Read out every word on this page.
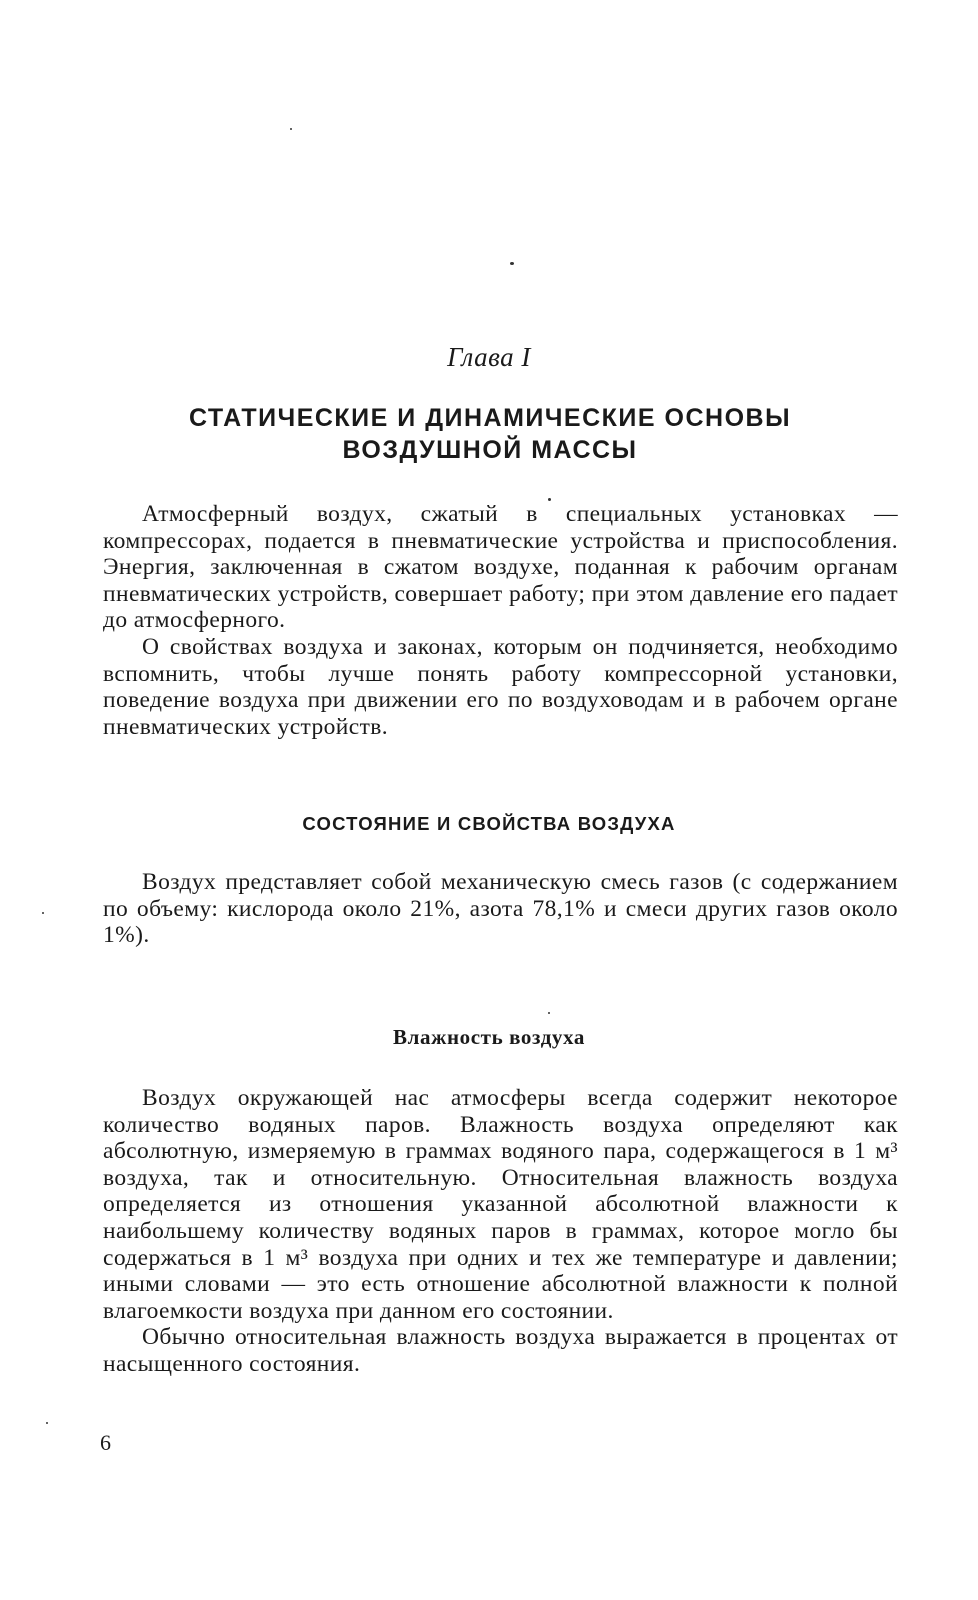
Глава I
СТАТИЧЕСКИЕ И ДИНАМИЧЕСКИЕ ОСНОВЫ
ВОЗДУШНОЙ МАССЫ

Атмосферный воздух, сжатый в специальных установках — компрессорах, подается в пневматические устройства и приспособления. Энергия, заключенная в сжатом воздухе, поданная к рабочим органам пневматических устройств, совершает работу; при этом давление его падает до атмосферного.

О свойствах воздуха и законах, которым он подчиняется, необходимо вспомнить, чтобы лучше понять работу компрессорной установки, поведение воздуха при движении его по воздуховодам и в рабочем органе пневматических устройств.

СОСТОЯНИЕ И СВОЙСТВА ВОЗДУХА

Воздух представляет собой механическую смесь газов (с содержанием по объему: кислорода около 21%, азота 78,1% и смеси других газов около 1%).

Влажность воздуха

Воздух окружающей нас атмосферы всегда содержит некоторое количество водяных паров. Влажность воздуха определяют как абсолютную, измеряемую в граммах водяного пара, содержащегося в 1 м³ воздуха, так и относительную. Относительная влажность воздуха определяется из отношения указанной абсолютной влажности к наибольшему количеству водяных паров в граммах, которое могло бы содержаться в 1 м³ воздуха при одних и тех же температуре и давлении; иными словами — это есть отношение абсолютной влажности к полной влагоемкости воздуха при данном его состоянии.

Обычно относительная влажность воздуха выражается в процентах от насыщенного состояния.

6
